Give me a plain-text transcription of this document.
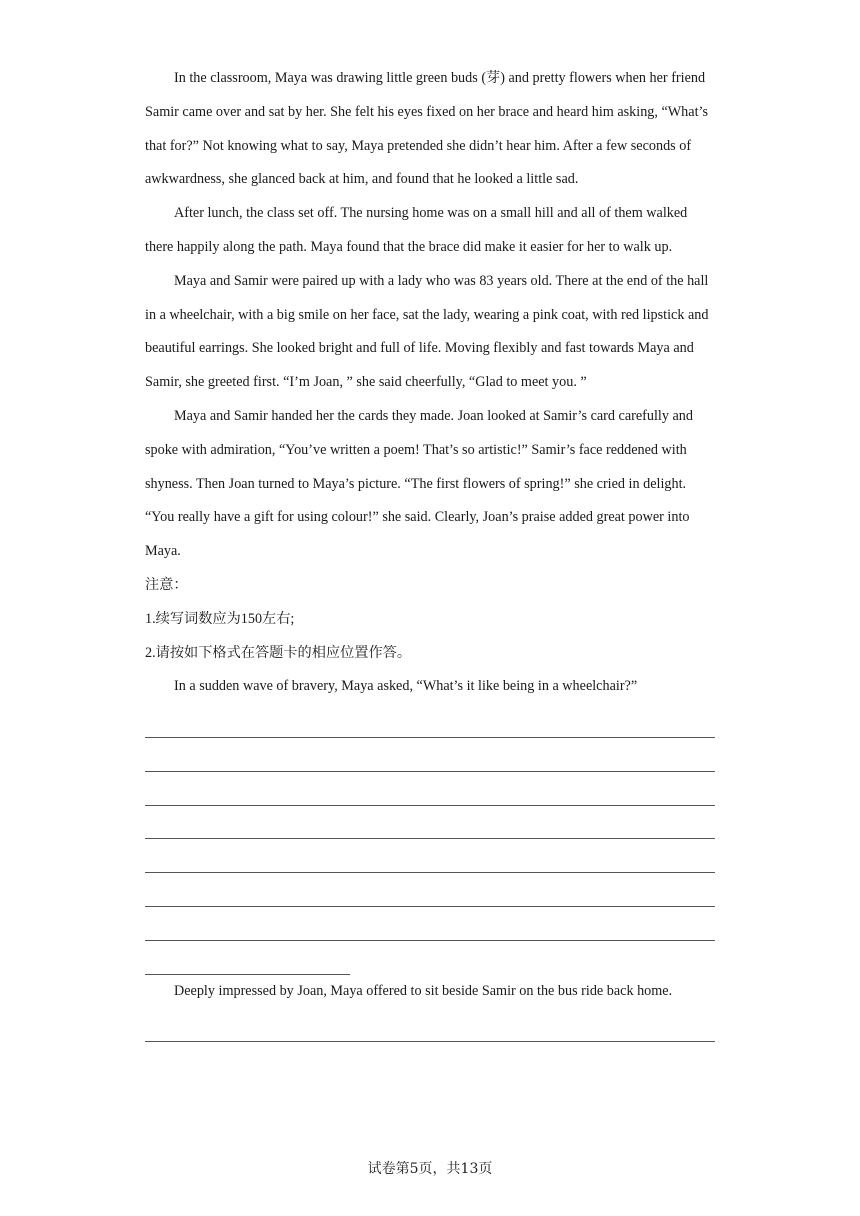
In the classroom, Maya was drawing little green buds (芽) and pretty flowers when her friend Samir came over and sat by her. She felt his eyes fixed on her brace and heard him asking, “What’s that for?” Not knowing what to say, Maya pretended she didn’t hear him. After a few seconds of awkwardness, she glanced back at him, and found that he looked a little sad.

After lunch, the class set off. The nursing home was on a small hill and all of them walked there happily along the path. Maya found that the brace did make it easier for her to walk up.

Maya and Samir were paired up with a lady who was 83 years old. There at the end of the hall in a wheelchair, with a big smile on her face, sat the lady, wearing a pink coat, with red lipstick and beautiful earrings. She looked bright and full of life. Moving flexibly and fast towards Maya and Samir, she greeted first. “I’m Joan, ” she said cheerfully, “Glad to meet you. ”

Maya and Samir handed her the cards they made. Joan looked at Samir’s card carefully and spoke with admiration, “You’ve written a poem! That’s so artistic!” Samir’s face reddened with shyness. Then Joan turned to Maya’s picture. “The first flowers of spring!” she cried in delight. “You really have a gift for using colour!” she said. Clearly, Joan’s praise added great power into Maya.

注意：

1.续写词数应为150左右;

2.请按如下格式在答题卡的相应位置作答。

In a sudden wave of bravery, Maya asked, “What’s it like being in a wheelchair?”

Deeply impressed by Joan, Maya offered to sit beside Samir on the bus ride back home.

试卷第5页，共13页
